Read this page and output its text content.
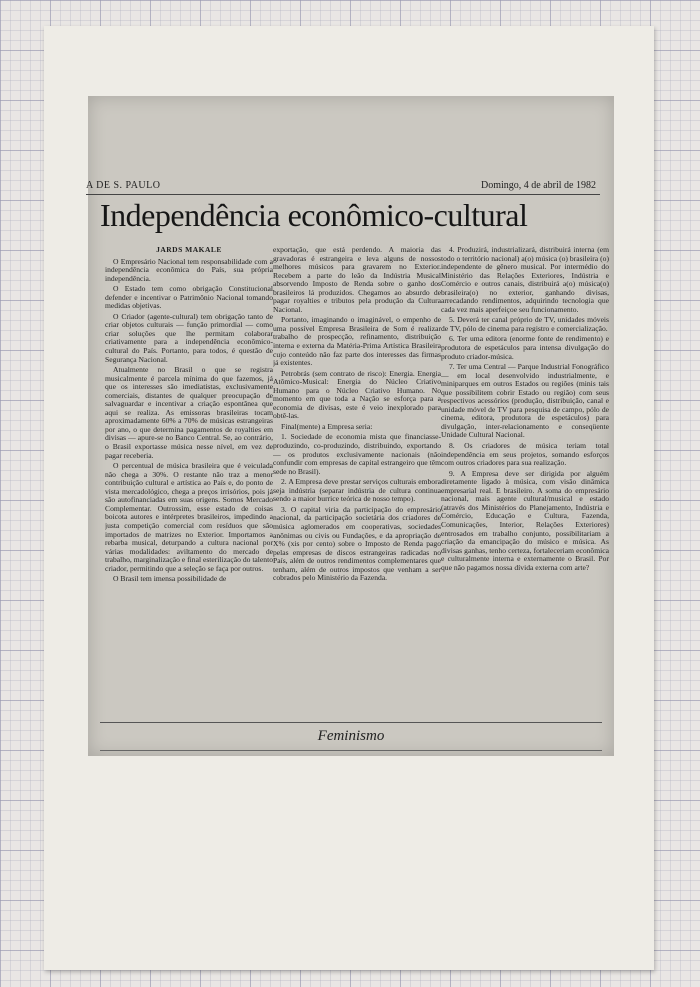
A DE S. PAULO	Domingo, 4 de abril de 1982
Independência econômico-cultural

JARDS MAKALE

O Empresário Nacional tem responsabilidade com a independência econômica do País, sua própria independência.

O Estado tem como obrigação Constitucional defender e incentivar o Patrimônio Nacional tomando medidas objetivas.

O Criador (agente-cultural) tem obrigação tanto de criar objetos culturais — função primordial — como criar soluções que lhe permitam colaborar criativamente para a independência econômico-cultural do País. Portanto, para todos, é questão de Segurança Nacional.

Atualmente no Brasil o que se registra musicalmente é parcela mínima do que fazemos, já que os interesses são imediatistas, exclusivamente comerciais, distantes de qualquer preocupação de salvaguardar e incentivar a criação espontânea que aqui se realiza. As emissoras brasileiras tocam aproximadamente 60% a 70% de músicas estrangeiras por ano, o que determina pagamentos de royalties em divisas — apure-se no Banco Central. Se, ao contrário, o Brasil exportasse música nesse nível, em vez de pagar receberia.

O percentual de música brasileira que é veiculada não chega a 30%. O restante não traz a menor contribuição cultural e artística ao País e, do ponto de vista mercadológico, chega a preços irrisórios, pois já são autofinanciadas em suas origens. Somos Mercado Complementar. Outrossim, esse estado de coisas boicota autores e intérpretes brasileiros, impedindo a justa competição comercial com resíduos que são importados de matrizes no Exterior. Importamos a rebarba musical, deturpando a cultura nacional por várias modalidades: aviltamento do mercado de trabalho, marginalização e final esterilização do talento criador, permitindo que a seleção se faça por outros.

O Brasil tem imensa possibilidade de

exportação, que está perdendo. A maioria das gravadoras é estrangeira e leva alguns de nossos melhores músicos para gravarem no Exterior. Recebem a parte do leão da Indústria Musical absorvendo Imposto de Renda sobre o ganho dos brasileiros lá produzidos. Chegamos ao absurdo de pagar royalties e tributos pela produção da Cultura Nacional.

Portanto, imaginando o imaginável, o empenho de uma possível Empresa Brasileira de Som é realizar trabalho de prospecção, refinamento, distribuição interna e externa da Matéria-Prima Artística Brasileira cujo conteúdo não faz parte dos interesses das firmas já existentes.

Petrobrás (sem contrato de risco): Energia. Energia Atômico-Musical: Energia do Núcleo Criativo Humano para o Núcleo Criativo Humano. No momento em que toda a Nação se esforça para a economia de divisas, este é veio inexplorado para obtê-las.

Final(mente) a Empresa seria:

1. Sociedade de economia mista que financiasse-produzindo, co-produzindo, distribuindo, exportando — os produtos exclusivamente nacionais (não confundir com empresas de capital estrangeiro que têm sede no Brasil).

2. A Empresa deve prestar serviços culturais embora seja indústria (separar indústria de cultura continua sendo a maior burrice teórica de nosso tempo).

3. O capital viria da participação do empresário nacional, da participação societária dos criadores de música aglomerados em cooperativas, sociedades anônimas ou civis ou Fundações, e da apropriação de X% (xis por cento) sobre o Imposto de Renda pago pelas empresas de discos estrangeiras radicadas no País, além de outros rendimentos complementares que tenham, além de outros impostos que venham a ser cobrados pelo Ministério da Fazenda.

4. Produzirá, industrializará, distribuirá interna (em todo o território nacional) a(o) música (o) brasileira (o) independente de gênero musical. Por intermédio do Ministério das Relações Exteriores, Indústria e Comércio e outros canais, distribuirá a(o) música(o) brasileira(o) no exterior, ganhando divisas, arrecadando rendimentos, adquirindo tecnologia que cada vez mais aperfeiçoe seu funcionamento.

5. Deverá ter canal próprio de TV, unidades móveis de TV, pólo de cinema para registro e comercialização.

6. Ter uma editora (enorme fonte de rendimento) e produtora de espetáculos para intensa divulgação do produto criador-música.

7. Ter uma Central — Parque Industrial Fonográfico — em local desenvolvido industrialmente, e miniparques em outros Estados ou regiões (minis tais que possibilitem cobrir Estado ou região) com seus respectivos acessórios (produção, distribuição, canal e unidade móvel de TV para pesquisa de campo, pólo de cinema, editora, produtora de espetáculos) para divulgação, inter-relacionamento e conseqüente Unidade Cultural Nacional.

8. Os criadores de música teriam total independência em seus projetos, somando esforços com outros criadores para sua realização.

9. A Empresa deve ser dirigida por alguém diretamente ligado à música, com visão dinâmica empresarial real. E brasileiro. A soma do empresário nacional, mais agente cultural/musical e estado (através dos Ministérios do Planejamento, Indústria e Comércio, Educação e Cultura, Fazenda, Comunicações, Interior, Relações Exteriores) entrosados em trabalho conjunto, possibilitariam a criação da emancipação do músico e música. As divisas ganhas, tenho certeza, fortaleceriam econômica e culturalmente interna e externamente o Brasil. Por que não pagamos nossa dívida externa com arte?

Feminismo
